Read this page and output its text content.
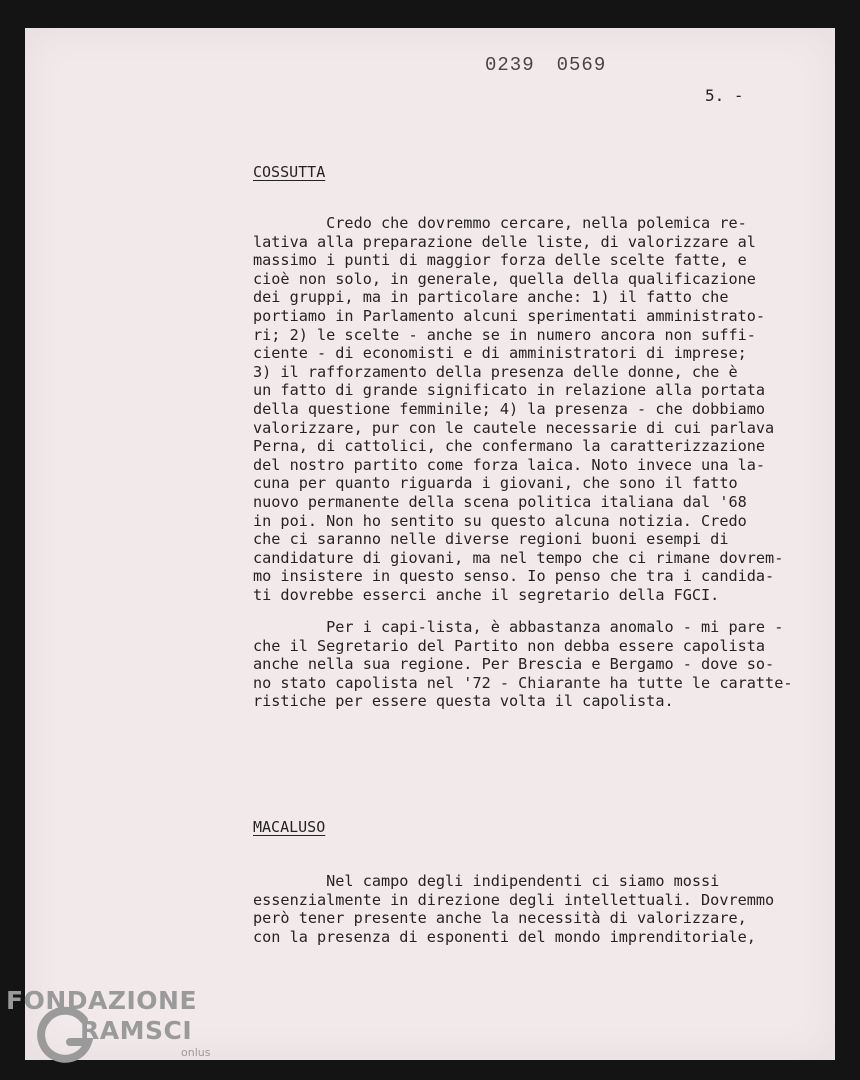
0239 0569
5. -
COSSUTTA

Credo che dovremmo cercare, nella polemica re-
lativa alla preparazione delle liste, di valorizzare al
massimo i punti di maggior forza delle scelte fatte, e
cioè non solo, in generale, quella della qualificazione
dei gruppi, ma in particolare anche: 1) il fatto che
portiamo in Parlamento alcuni sperimentati amministrato-
ri; 2) le scelte - anche se in numero ancora non suffi-
ciente - di economisti e di amministratori di imprese;
3) il rafforzamento della presenza delle donne, che è
un fatto di grande significato in relazione alla portata
della questione femminile; 4) la presenza - che dobbiamo
valorizzare, pur con le cautele necessarie di cui parlava
Perna, di cattolici, che confermano la caratterizzazione
del nostro partito come forza laica. Noto invece una la-
cuna per quanto riguarda i giovani, che sono il fatto
nuovo permanente della scena politica italiana dal '68
in poi. Non ho sentito su questo alcuna notizia. Credo
che ci saranno nelle diverse regioni buoni esempi di
candidature di giovani, ma nel tempo che ci rimane dovrem-
mo insistere in questo senso. Io penso che tra i candida-
ti dovrebbe esserci anche il segretario della FGCI.

Per i capi-lista, è abbastanza anomalo - mi pare -
che il Segretario del Partito non debba essere capolista
anche nella sua regione. Per Brescia e Bergamo - dove so-
no stato capolista nel '72 - Chiarante ha tutte le caratte-
ristiche per essere questa volta il capolista.

MACALUSO

Nel campo degli indipendenti ci siamo mossi
essenzialmente in direzione degli intellettuali. Dovremmo
però tener presente anche la necessità di valorizzare,
con la presenza di esponenti del mondo imprenditoriale,

FONDAZIONE
RAMSCI
onlus
